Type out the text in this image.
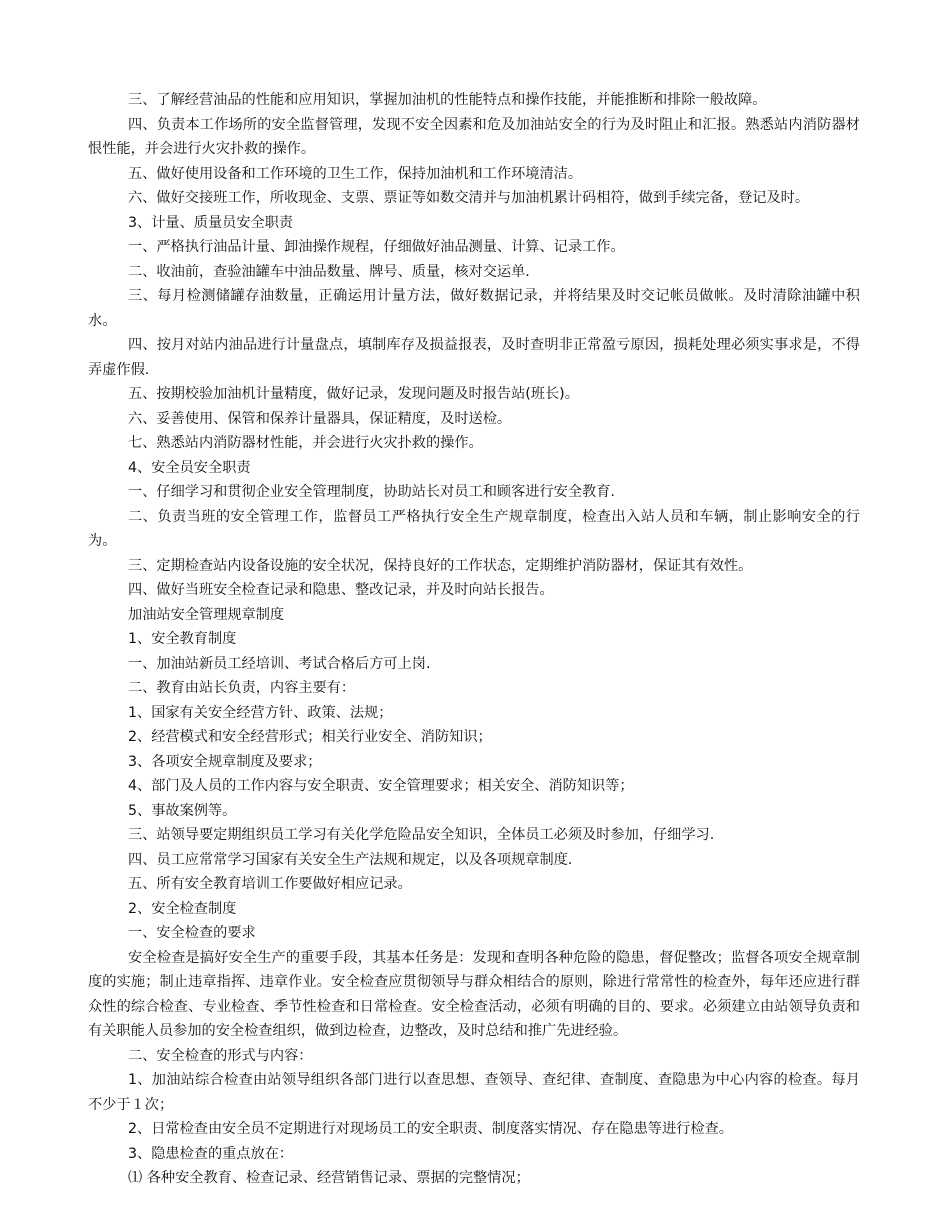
三、了解经营油品的性能和应用知识，掌握加油机的性能特点和操作技能，并能推断和排除一般故障。

四、负责本工作场所的安全监督管理，发现不安全因素和危及加油站安全的行为及时阻止和汇报。熟悉站内消防器材恨性能，并会进行火灾扑救的操作。

五、做好使用设备和工作环境的卫生工作，保持加油机和工作环境清洁。

六、做好交接班工作，所收现金、支票、票证等如数交清并与加油机累计码相符，做到手续完备，登记及时。

3、计量、质量员安全职责

一、严格执行油品计量、卸油操作规程，仔细做好油品测量、计算、记录工作。

二、收油前，查验油罐车中油品数量、牌号、质量，核对交运单.

三、每月检测储罐存油数量，正确运用计量方法，做好数据记录，并将结果及时交记帐员做帐。及时清除油罐中积水。

四、按月对站内油品进行计量盘点，填制库存及损益报表，及时查明非正常盈亏原因，损耗处理必须实事求是，不得弄虚作假.

五、按期校验加油机计量精度，做好记录，发现问题及时报告站(班长)。

六、妥善使用、保管和保养计量器具，保证精度，及时送检。

七、熟悉站内消防器材性能，并会进行火灾扑救的操作。

4、安全员安全职责

一、仔细学习和贯彻企业安全管理制度，协助站长对员工和顾客进行安全教育.

二、负责当班的安全管理工作，监督员工严格执行安全生产规章制度，检查出入站人员和车辆，制止影响安全的行为。

三、定期检查站内设备设施的安全状况，保持良好的工作状态，定期维护消防器材，保证其有效性。

四、做好当班安全检查记录和隐患、整改记录，并及时向站长报告。

加油站安全管理规章制度

1、安全教育制度

一、加油站新员工经培训、考试合格后方可上岗.

二、教育由站长负责，内容主要有：

1、国家有关安全经营方针、政策、法规；

2、经营模式和安全经营形式；相关行业安全、消防知识；

3、各项安全规章制度及要求；

4、部门及人员的工作内容与安全职责、安全管理要求；相关安全、消防知识等；

5、事故案例等。

三、站领导要定期组织员工学习有关化学危险品安全知识，全体员工必须及时参加，仔细学习.

四、员工应常常学习国家有关安全生产法规和规定，以及各项规章制度.

五、所有安全教育培训工作要做好相应记录。

2、安全检查制度

一、安全检查的要求

安全检查是搞好安全生产的重要手段，其基本任务是：发现和查明各种危险的隐患，督促整改；监督各项安全规章制度的实施；制止违章指挥、违章作业。安全检查应贯彻领导与群众相结合的原则，除进行常常性的检查外，每年还应进行群众性的综合检查、专业检查、季节性检查和日常检查。安全检查活动，必须有明确的目的、要求。必须建立由站领导负责和有关职能人员参加的安全检查组织，做到边检查，边整改，及时总结和推广先进经验。

二、安全检查的形式与内容：

1、加油站综合检查由站领导组织各部门进行以查思想、查领导、查纪律、查制度、查隐患为中心内容的检查。每月不少于１次；

2、日常检查由安全员不定期进行对现场员工的安全职责、制度落实情况、存在隐患等进行检查。

3、隐患检查的重点放在：

⑴ 各种安全教育、检查记录、经营销售记录、票据的完整情况；
